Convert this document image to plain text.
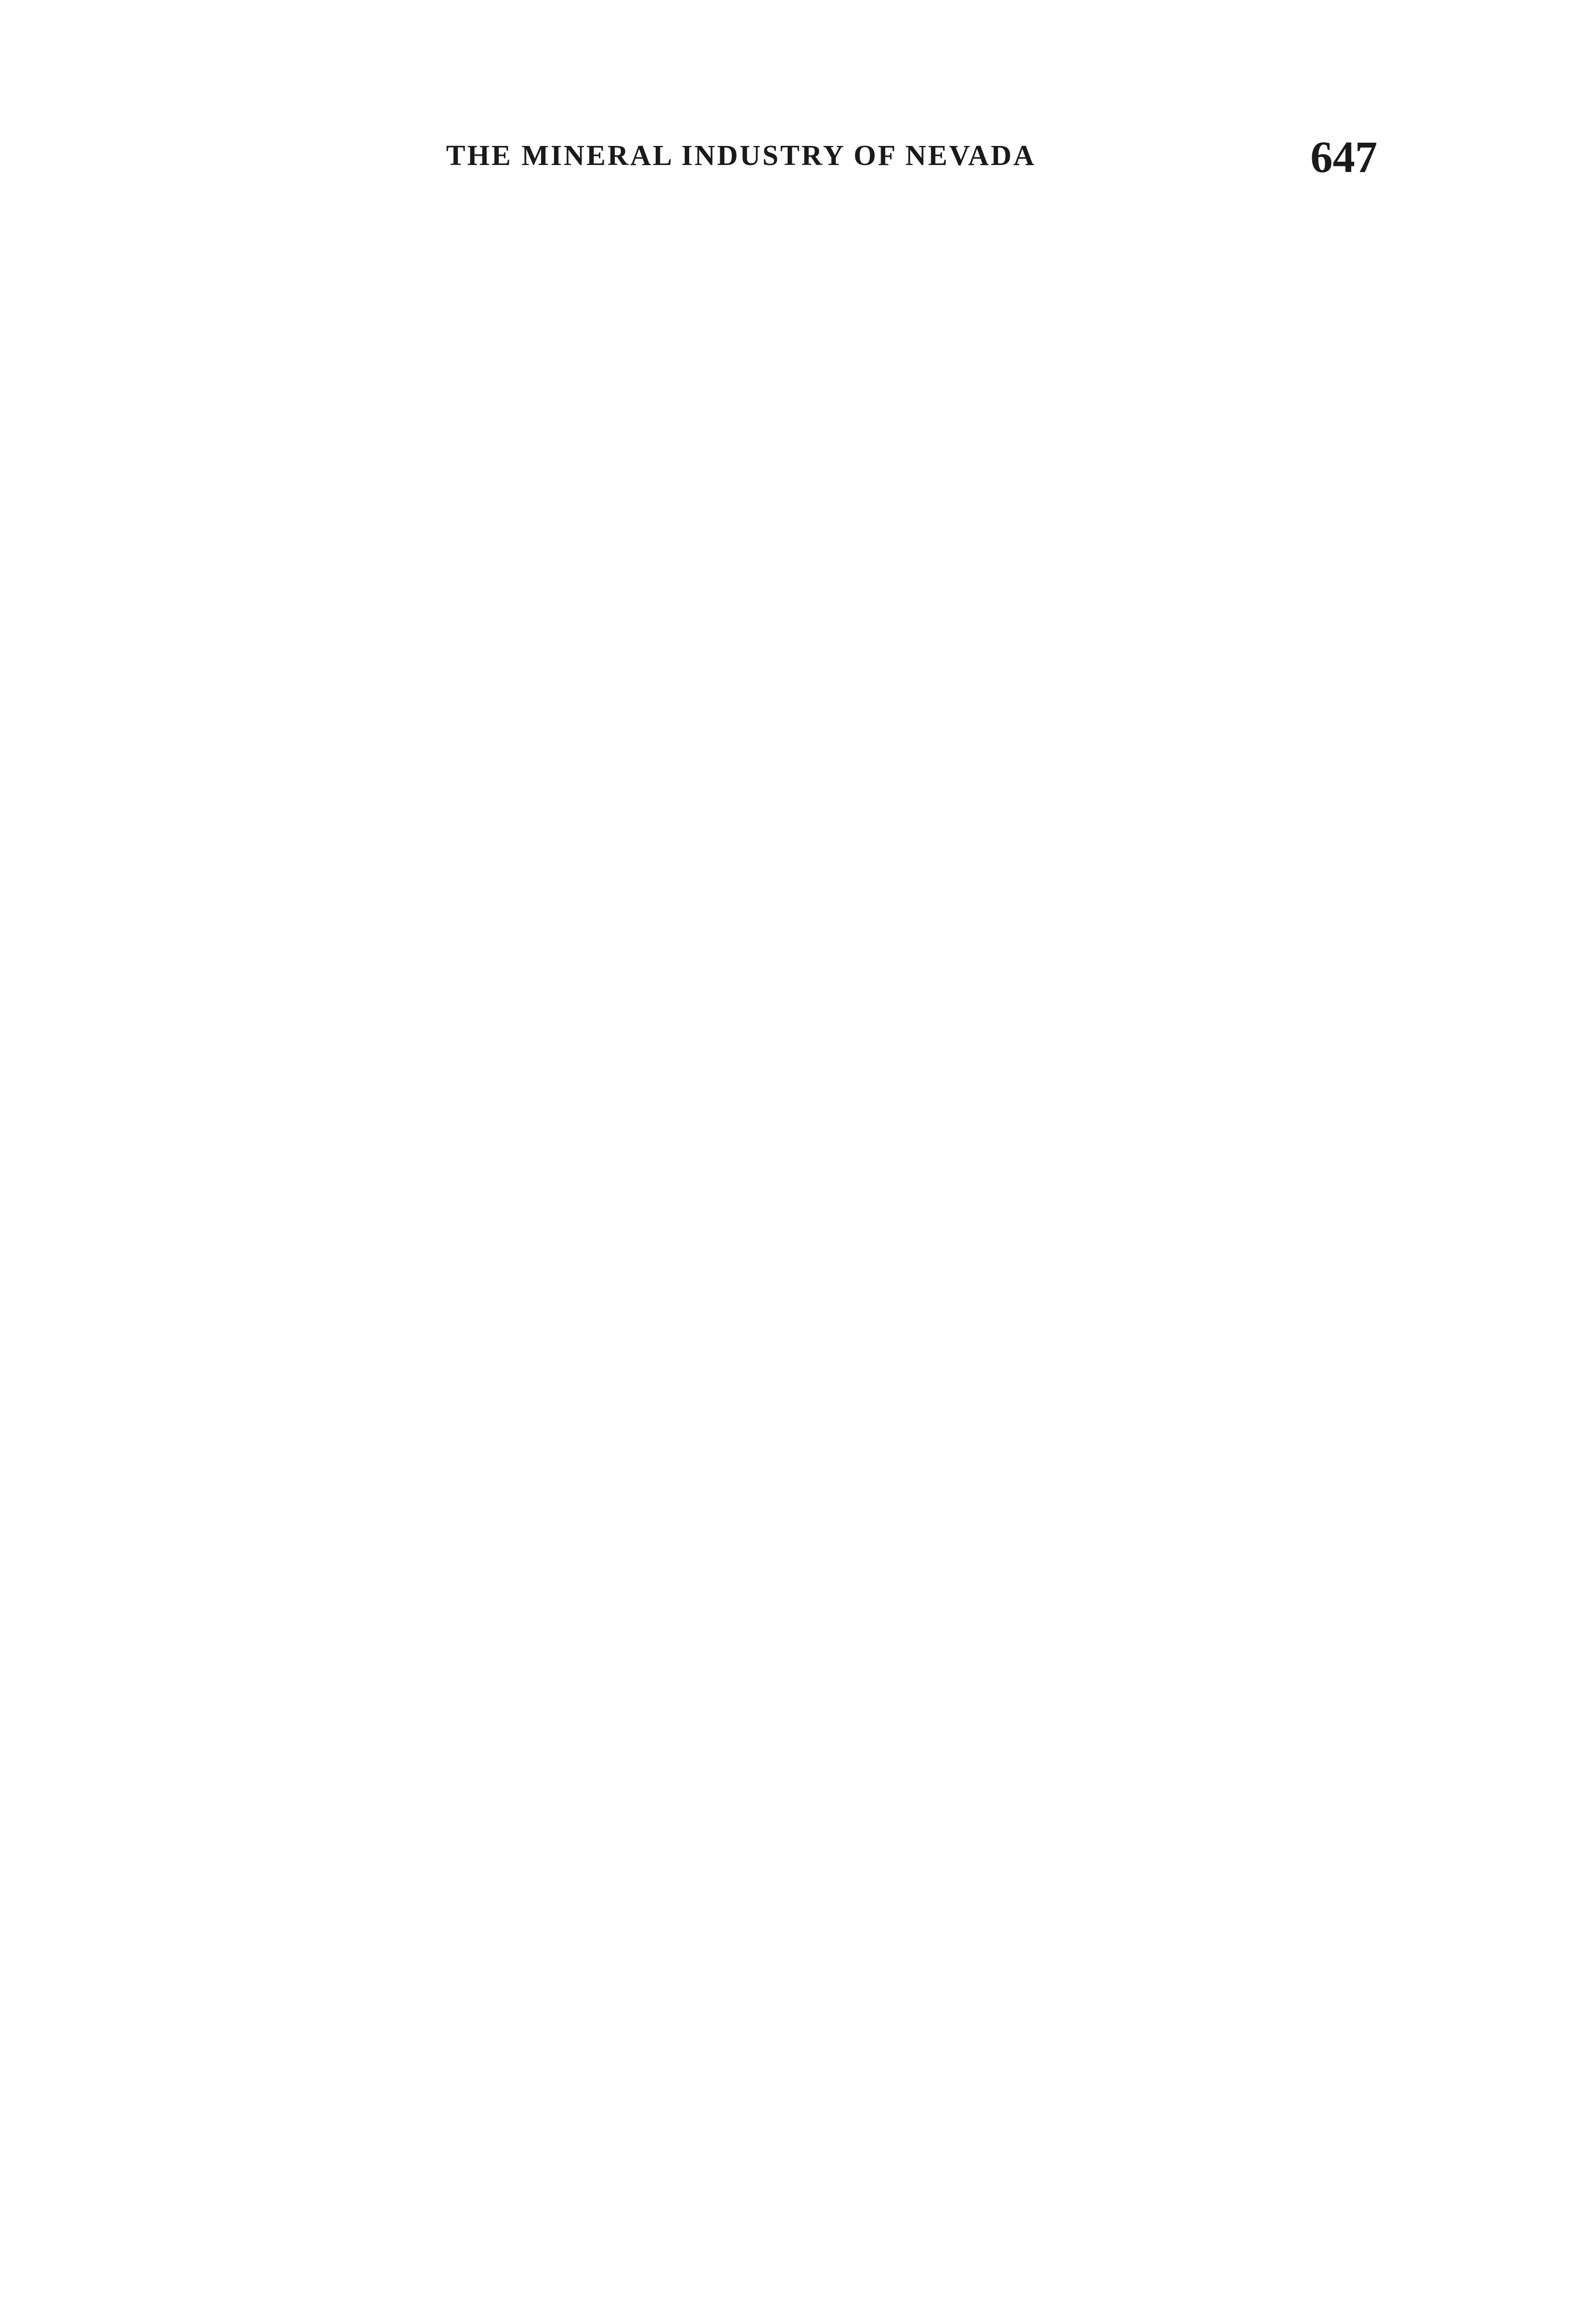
THE MINERAL INDUSTRY OF NEVADA	647
